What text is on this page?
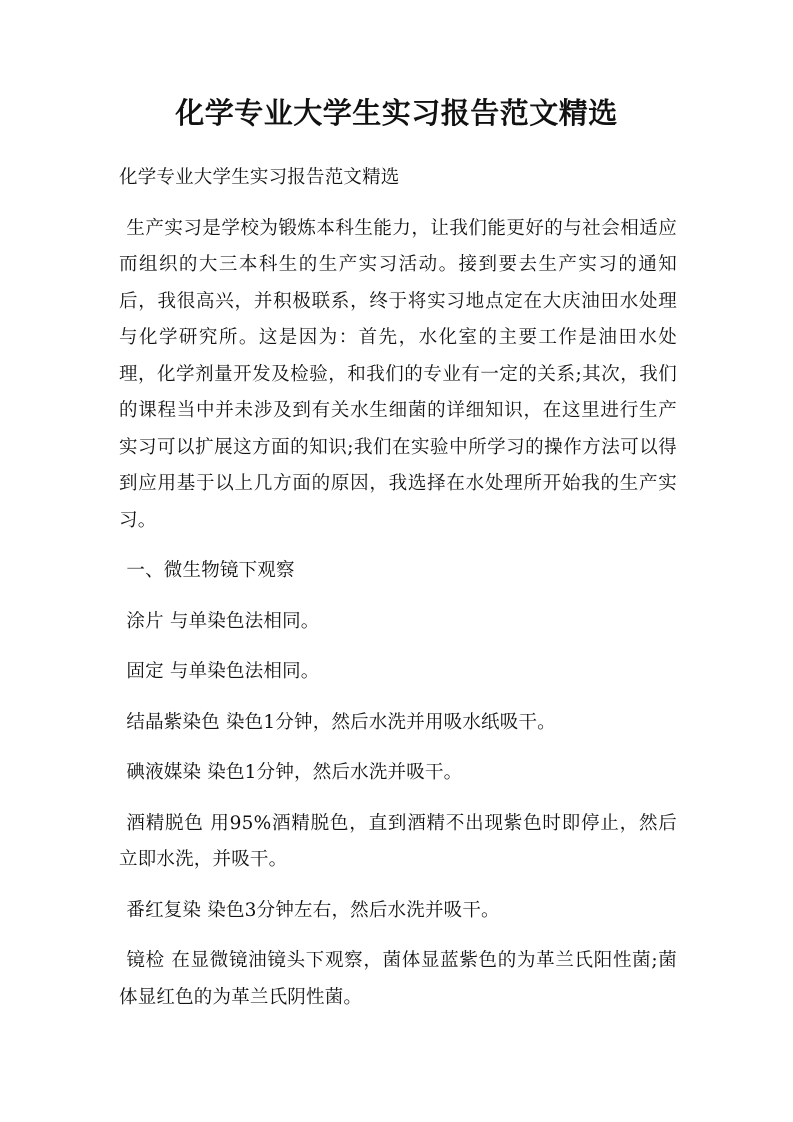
化学专业大学生实习报告范文精选

化学专业大学生实习报告范文精选

生产实习是学校为锻炼本科生能力，让我们能更好的与社会相适应而组织的大三本科生的生产实习活动。接到要去生产实习的通知后，我很高兴，并积极联系，终于将实习地点定在大庆油田水处理与化学研究所。这是因为：首先，水化室的主要工作是油田水处理，化学剂量开发及检验，和我们的专业有一定的关系;其次，我们的课程当中并未涉及到有关水生细菌的详细知识，在这里进行生产实习可以扩展这方面的知识;我们在实验中所学习的操作方法可以得到应用基于以上几方面的原因，我选择在水处理所开始我的生产实习。

一、微生物镜下观察

涂片 与单染色法相同。

固定 与单染色法相同。

结晶紫染色 染色1分钟，然后水洗并用吸水纸吸干。

碘液媒染 染色1分钟，然后水洗并吸干。

酒精脱色 用95%酒精脱色，直到酒精不出现紫色时即停止，然后立即水洗，并吸干。

番红复染 染色3分钟左右，然后水洗并吸干。

镜检 在显微镜油镜头下观察，菌体显蓝紫色的为革兰氏阳性菌;菌体显红色的为革兰氏阴性菌。
